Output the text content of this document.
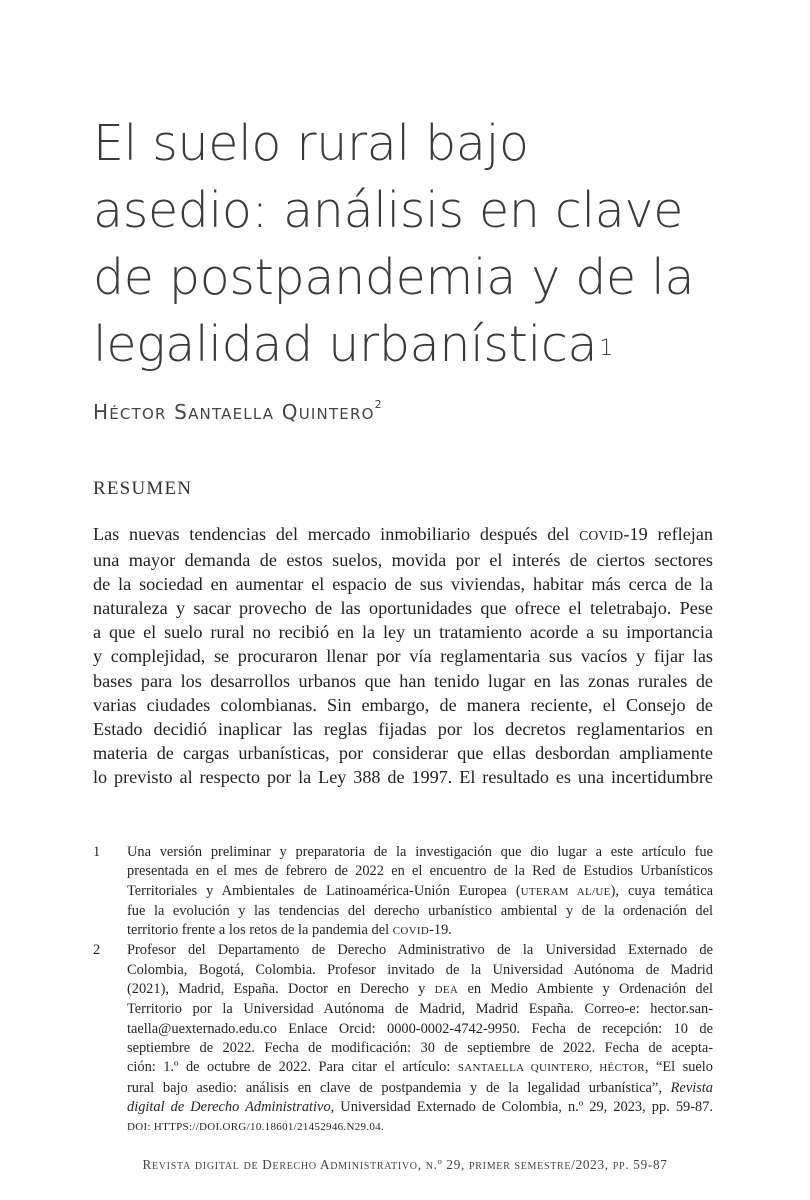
El suelo rural bajo
asedio: análisis en clave
de postpandemia y de la
legalidad urbanística$^1$
HÉCTOR SANTAELLA QUINTERO$^2$
RESUMEN
Las nuevas tendencias del mercado inmobiliario después del COVID-19 reflejan
una mayor demanda de estos suelos, movida por el interés de ciertos sectores
de la sociedad en aumentar el espacio de sus viviendas, habitar más cerca de la
naturaleza y sacar provecho de las oportunidades que ofrece el teletrabajo. Pese
a que el suelo rural no recibió en la ley un tratamiento acorde a su importancia
y complejidad, se procuraron llenar por vía reglamentaria sus vacíos y fijar las
bases para los desarrollos urbanos que han tenido lugar en las zonas rurales de
varias ciudades colombianas. Sin embargo, de manera reciente, el Consejo de
Estado decidió inaplicar las reglas fijadas por los decretos reglamentarios en
materia de cargas urbanísticas, por considerar que ellas desbordan ampliamente
lo previsto al respecto por la Ley 388 de 1997. El resultado es una incertidumbre
1 Una versión preliminar y preparatoria de la investigación que dio lugar a este artículo fue
presentada en el mes de febrero de 2022 en el encuentro de la Red de Estudios Urbanísticos
Territoriales y Ambientales de Latinoamérica-Unión Europea (UTERAM AL/UE), cuya temática
fue la evolución y las tendencias del derecho urbanístico ambiental y de la ordenación del
territorio frente a los retos de la pandemia del COVID-19.
2 Profesor del Departamento de Derecho Administrativo de la Universidad Externado de
Colombia, Bogotá, Colombia. Profesor invitado de la Universidad Autónoma de Madrid
(2021), Madrid, España. Doctor en Derecho y DEA en Medio Ambiente y Ordenación del
Territorio por la Universidad Autónoma de Madrid, Madrid España. Correo-e: hector.san-
taella@uexternado.edu.co Enlace Orcid: 0000-0002-4742-9950. Fecha de recepción: 10 de
septiembre de 2022. Fecha de modificación: 30 de septiembre de 2022. Fecha de acepta-
ción: 1.º de octubre de 2022. Para citar el artículo: SANTAELLA QUINTERO, HÉCTOR, “El suelo
rural bajo asedio: análisis en clave de postpandemia y de la legalidad urbanística”, Revista
digital de Derecho Administrativo, Universidad Externado de Colombia, n.º 29, 2023, pp. 59-87.
DOI: HTTPS://DOI.ORG/10.18601/21452946.N29.04.
REVISTA DIGITAL DE DERECHO ADMINISTRATIVO, N.º 29, PRIMER SEMESTRE/2023, PP. 59-87
